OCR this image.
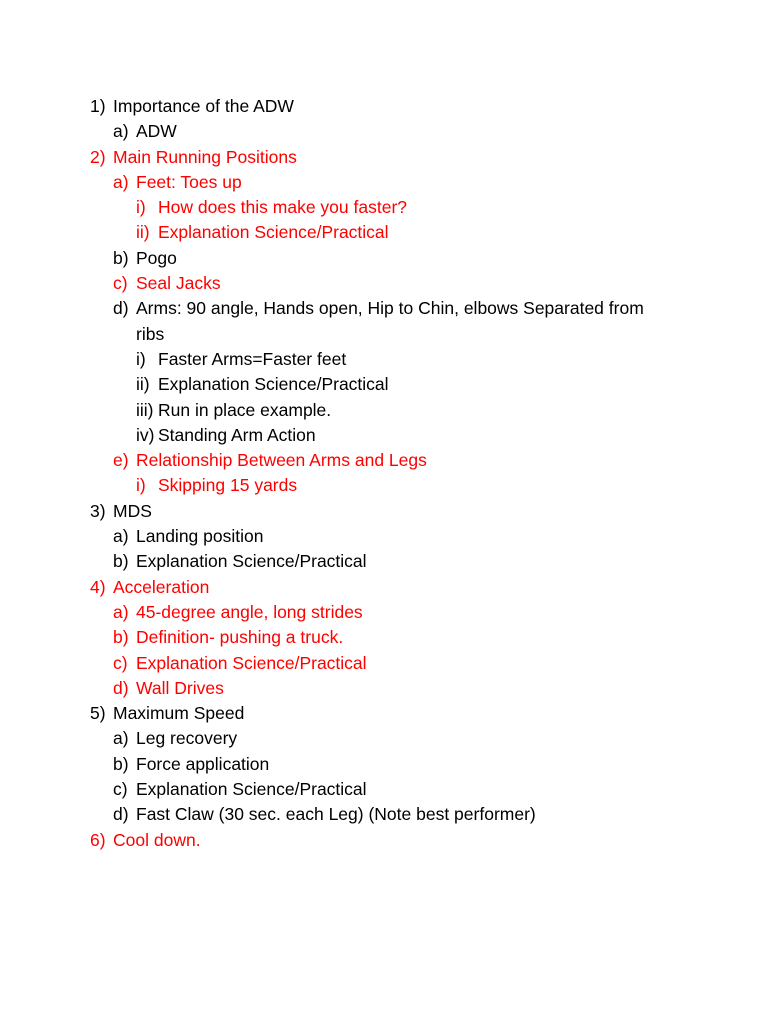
1) Importance of the ADW
a) ADW
2) Main Running Positions
a) Feet: Toes up
i) How does this make you faster?
ii) Explanation Science/Practical
b) Pogo
c) Seal Jacks
d) Arms: 90 angle, Hands open, Hip to Chin, elbows Separated from ribs
i) Faster Arms=Faster feet
ii) Explanation Science/Practical
iii) Run in place example.
iv) Standing Arm Action
e) Relationship Between Arms and Legs
i) Skipping 15 yards
3) MDS
a) Landing position
b) Explanation Science/Practical
4) Acceleration
a) 45-degree angle, long strides
b) Definition- pushing a truck.
c) Explanation Science/Practical
d) Wall Drives
5) Maximum Speed
a) Leg recovery
b) Force application
c) Explanation Science/Practical
d) Fast Claw (30 sec. each Leg) (Note best performer)
6) Cool down.
